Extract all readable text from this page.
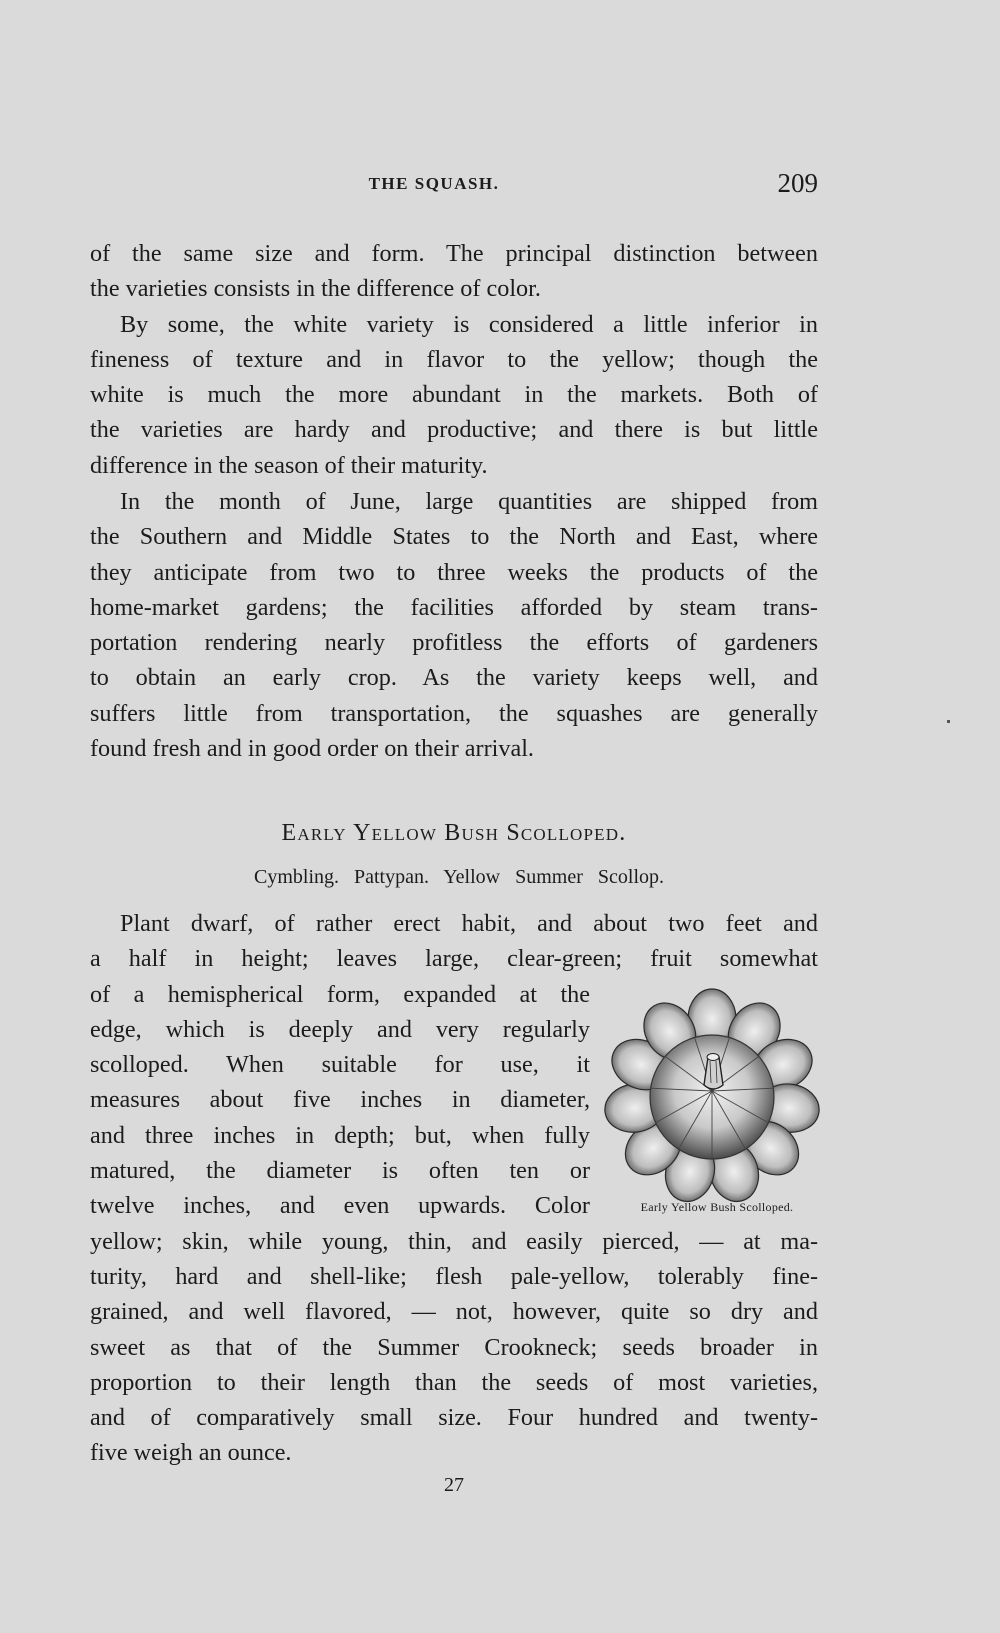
THE SQUASH.	209
of the same size and form. The principal distinction between
the varieties consists in the difference of color.
By some, the white variety is considered a little inferior in
fineness of texture and in flavor to the yellow; though the
white is much the more abundant in the markets. Both of
the varieties are hardy and productive; and there is but little
difference in the season of their maturity.
In the month of June, large quantities are shipped from
the Southern and Middle States to the North and East, where
they anticipate from two to three weeks the products of the
home-market gardens; the facilities afforded by steam trans-
portation rendering nearly profitless the efforts of gardeners
to obtain an early crop. As the variety keeps well, and
suffers little from transportation, the squashes are generally
found fresh and in good order on their arrival.
Early Yellow Bush Scolloped.
Cymbling. Pattypan. Yellow Summer Scollop.
Plant dwarf, of rather erect habit, and about two feet and
a half in height; leaves large, clear-green; fruit somewhat
of a hemispherical form, expanded at the
edge, which is deeply and very regularly
scolloped. When suitable for use, it
measures about five inches in diameter,
and three inches in depth; but, when fully
matured, the diameter is often ten or
twelve inches, and even upwards. Color
yellow; skin, while young, thin, and easily pierced, — at ma-
turity, hard and shell-like; flesh pale-yellow, tolerably fine-
grained, and well flavored, — not, however, quite so dry and
sweet as that of the Summer Crookneck; seeds broader in
proportion to their length than the seeds of most varieties,
and of comparatively small size. Four hundred and twenty-
five weigh an ounce.
Early Yellow Bush Scolloped.
27
